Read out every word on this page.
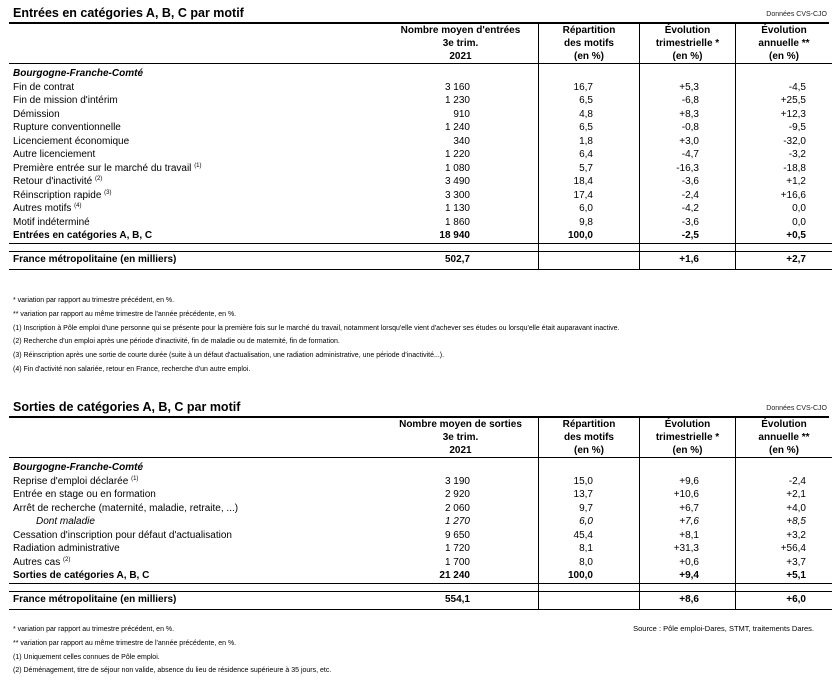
Entrées en catégories A, B, C par motif	Données CVS-CJO
	Nombre moyen d'entrées	Répartition	Évolution	Évolution
	3e trim.	des motifs	trimestrielle *	annuelle **
	2021	(en %)	(en %)	(en %)
Bourgogne-Franche-Comté				
Fin de contrat	3 160	16,7	+5,3	-4,5
Fin de mission d'intérim	1 230	6,5	-6,8	+25,5
Démission	910	4,8	+8,3	+12,3
Rupture conventionnelle	1 240	6,5	-0,8	-9,5
Licenciement économique	340	1,8	+3,0	-32,0
Autre licenciement	1 220	6,4	-4,7	-3,2
Première entrée sur le marché du travail $^{(1)}$	1 080	5,7	-16,3	-18,8
Retour d'inactivité $^{(2)}$	3 490	18,4	-3,6	+1,2
Réinscription rapide $^{(3)}$	3 300	17,4	-2,4	+16,6
Autres motifs $^{(4)}$	1 130	6,0	-4,2	0,0
Motif indéterminé	1 860	9,8	-3,6	0,0
Entrées en catégories A, B, C	18 940	100,0	-2,5	+0,5

France métropolitaine (en milliers)	502,7		+1,6	+2,7
* variation par rapport au trimestre précédent, en %.
** variation par rapport au même trimestre de l'année précédente, en %.
(1) Inscription à Pôle emploi d'une personne qui se présente pour la première fois sur le marché du travail, notamment lorsqu'elle vient d'achever ses études ou lorsqu'elle était auparavant inactive.
(2) Recherche d'un emploi après une période d'inactivité, fin de maladie ou de maternité, fin de formation.
(3) Réinscription après une sortie de courte durée (suite à un défaut d'actualisation, une radiation administrative, une période d'inactivité...).
(4) Fin d'activité non salariée, retour en France, recherche d'un autre emploi.
Sorties de catégories A, B, C par motif	Données CVS-CJO
	Nombre moyen de sorties	Répartition	Évolution	Évolution
	3e trim.	des motifs	trimestrielle *	annuelle **
	2021	(en %)	(en %)	(en %)
Bourgogne-Franche-Comté				
Reprise d'emploi déclarée $^{(1)}$	3 190	15,0	+9,6	-2,4
Entrée en stage ou en formation	2 920	13,7	+10,6	+2,1
Arrêt de recherche (maternité, maladie, retraite, ...)	2 060	9,7	+6,7	+4,0
Dont maladie	1 270	6,0	+7,6	+8,5
Cessation d'inscription pour défaut d'actualisation	9 650	45,4	+8,1	+3,2
Radiation administrative	1 720	8,1	+31,3	+56,4
Autres cas $^{(2)}$	1 700	8,0	+0,6	+3,7
Sorties de catégories A, B, C	21 240	100,0	+9,4	+5,1

France métropolitaine (en milliers)	554,1		+8,6	+6,0
Source : Pôle emploi-Dares, STMT, traitements Dares.
* variation par rapport au trimestre précédent, en %.
** variation par rapport au même trimestre de l'année précédente, en %.
(1) Uniquement celles connues de Pôle emploi.
(2) Déménagement, titre de séjour non valide, absence du lieu de résidence supérieure à 35 jours, etc.
